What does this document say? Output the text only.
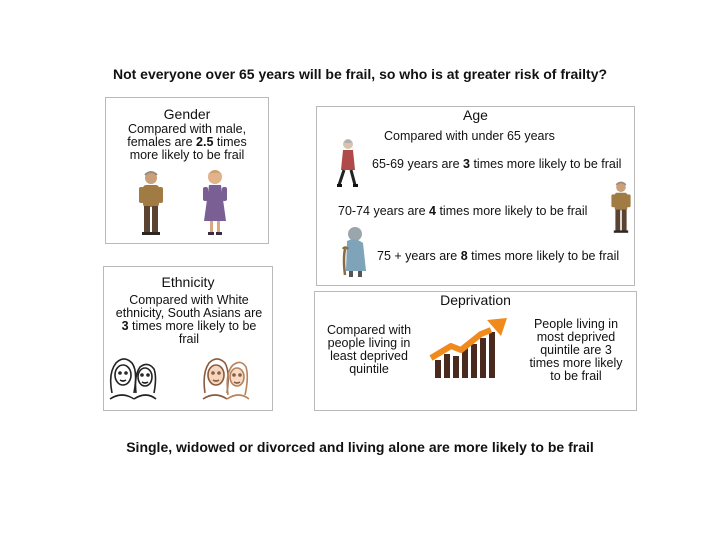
Not everyone over 65 years will be frail, so who is at greater risk of frailty?
Gender
Compared with male,
females are 2.5 times
more likely to be frail
Age
Compared with under 65 years
65-69 years are 3 times more likely to be frail
70-74 years are 4 times more likely to be frail
75 + years are 8 times more likely to be frail
Ethnicity
Compared with White
ethnicity, South Asians are
3 times more likely to be
frail
Deprivation
Compared with
people living in
least deprived
quintile
People living in
most deprived
quintile are 3
times more likely
to be frail
Single, widowed or divorced and living alone are more likely to be frail
